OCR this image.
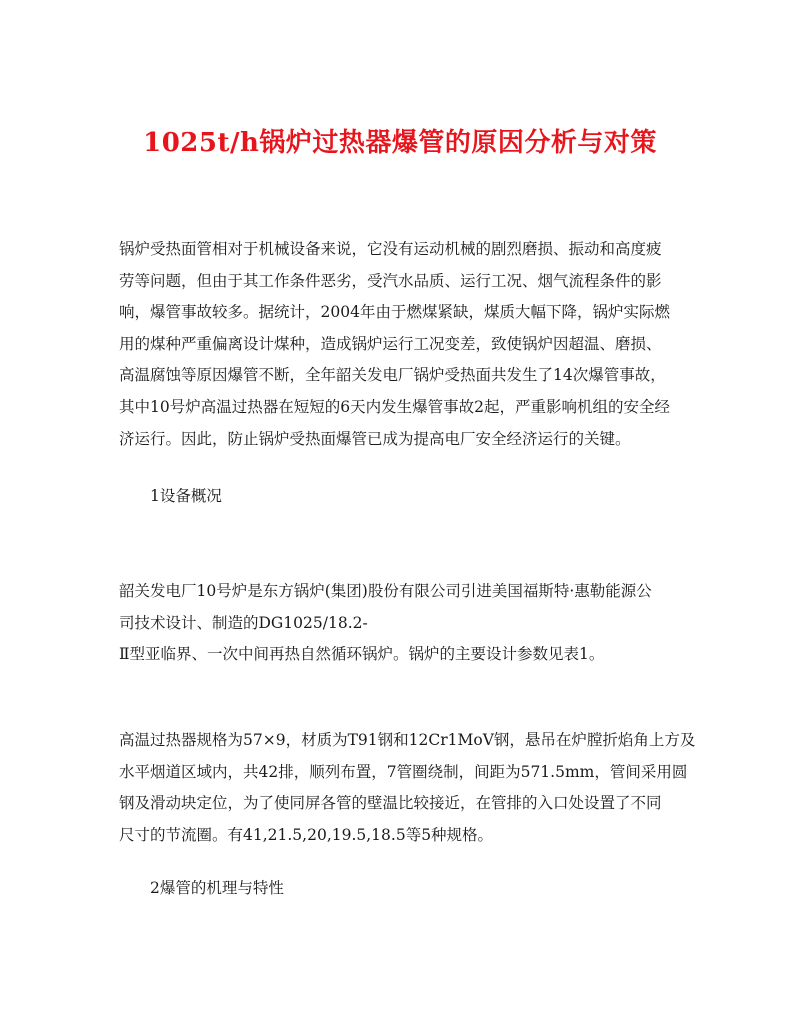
1025t/h锅炉过热器爆管的原因分析与对策

锅炉受热面管相对于机械设备来说，它没有运动机械的剧烈磨损、振动和高度疲
劳等问题，但由于其工作条件恶劣，受汽水品质、运行工况、烟气流程条件的影
响，爆管事故较多。据统计，2004年由于燃煤紧缺，煤质大幅下降，锅炉实际燃
用的煤种严重偏离设计煤种，造成锅炉运行工况变差，致使锅炉因超温、磨损、
高温腐蚀等原因爆管不断，全年韶关发电厂锅炉受热面共发生了14次爆管事故，
其中10号炉高温过热器在短短的6天内发生爆管事故2起，严重影响机组的安全经
济运行。因此，防止锅炉受热面爆管已成为提高电厂安全经济运行的关键。

1设备概况

韶关发电厂10号炉是东方锅炉(集团)股份有限公司引进美国福斯特·惠勒能源公
司技术设计、制造的DG1025/18.2-
Ⅱ型亚临界、一次中间再热自然循环锅炉。锅炉的主要设计参数见表1。

高温过热器规格为57×9，材质为T91钢和12Cr1MoV钢，悬吊在炉膛折焰角上方及
水平烟道区域内，共42排，顺列布置，7管圈绕制，间距为571.5mm，管间采用圆
钢及滑动块定位，为了使同屏各管的壁温比较接近，在管排的入口处设置了不同
尺寸的节流圈。有41,21.5,20,19.5,18.5等5种规格。

2爆管的机理与特性
